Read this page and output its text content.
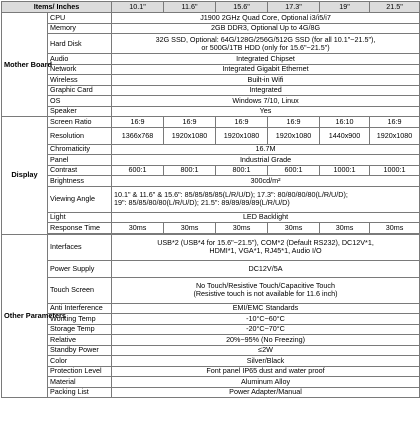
Items/ Inches		10.1"	11.6"	15.6"	17.3"	19"	21.5"
Mother Board	CPU	J1900 2GHz Quad Core, Optional i3/i5/i7					
	Memory	2GB DDR3, Optional Up to 4G/8G					
	Hard Disk	32G SSD, Optional: 64G/128G/256G/512G SSD (for all 10.1"~21.5"),
or 500G/1TB HDD (only for 15.6"~21.5")					

	Audio	Integrated Chipset					
	Network	Integrated Gigabit Ethernet					
	Wireless	Built-in Wifi					
	Graphic Card	Integrated					
	OS	Windows 7/10, Linux					
	Speaker	Yes					
Display	Screen Ratio	16:9	16:9	16:9	16:9	16:10	16:9
	Resolution	1366x768	1920x1080	1920x1080	1920x1080	1440x900	1920x1080
	Chromaticity	16.7M					
	Panel	Industrial Grade					
	Contrast	600:1	800:1	800:1	600:1	1000:1	1000:1
	Brightness	300cd/m²					
	Viewing Angle	10.1" & 11.6" & 15.6": 85/85/85/85(L/R/U/D); 17.3": 80/80/80/80(L/R/U/D);
19": 85/85/80/80(L/R/U/D); 21.5": 89/89/89/89(L/R/U/D)					

	Light	LED Backlight					
	Response Time	30ms	30ms	30ms	30ms	30ms	30ms

Other Parameters	Interfaces	USB*2 (USB*4 for 15.6"~21.5"), COM*2 (Default RS232), DC12V*1,
HDMI*1, VGA*1, RJ45*1, Audio I/O					

	Power Supply	DC12V/5A					
	Touch Screen	No Touch/Resistive Touch/Capacitive Touch
(Resistive touch is not available for 11.6 inch)					

	Anti Interference	EMI/EMC Standards					
	Working Temp	-10°C~60°C					
	Storage Temp	-20°C~70°C					
	Relative	20%~95% (No Freezing)					
	Standby Power	≤2W					
	Color	Silver/Black					
	Protection Level	Font panel IP65 dust and water proof					
	Material	Aluminum Alloy					
	Packing List	Power Adapter/Manual					
